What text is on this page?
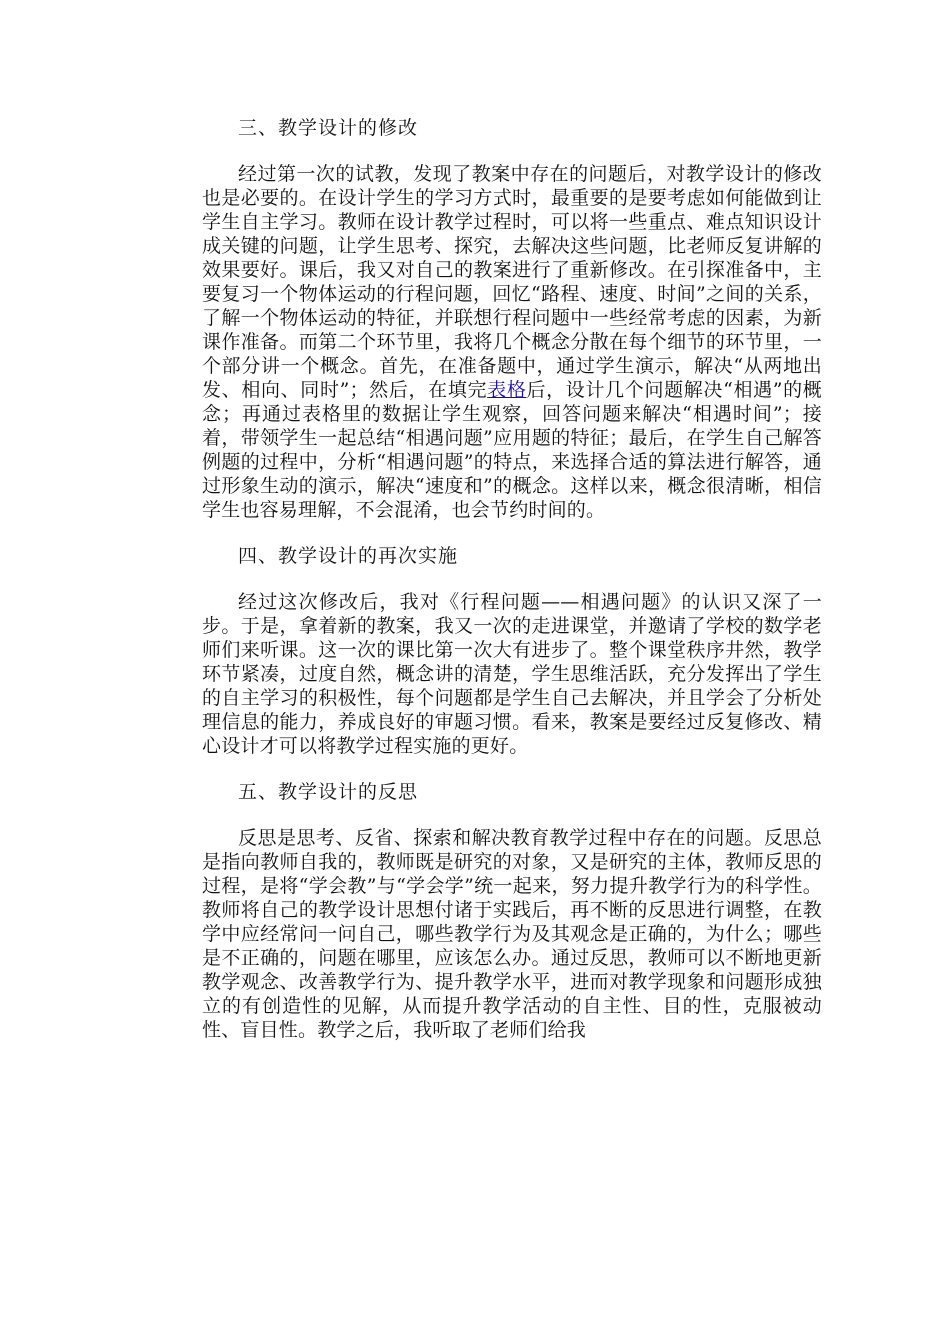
三、教学设计的修改

经过第一次的试教，发现了教案中存在的问题后，对教学设计的修改也是必要的。在设计学生的学习方式时，最重要的是要考虑如何能做到让学生自主学习。教师在设计教学过程时，可以将一些重点、难点知识设计成关键的问题，让学生思考、探究，去解决这些问题，比老师反复讲解的效果要好。课后，我又对自己的教案进行了重新修改。在引探准备中，主要复习一个物体运动的行程问题，回忆“路程、速度、时间”之间的关系，了解一个物体运动的特征，并联想行程问题中一些经常考虑的因素，为新课作准备。而第二个环节里，我将几个概念分散在每个细节的环节里，一个部分讲一个概念。首先，在准备题中，通过学生演示，解决“从两地出发、相向、同时”；然后，在填完表格后，设计几个问题解决“相遇”的概念；再通过表格里的数据让学生观察，回答问题来解决“相遇时间”；接着，带领学生一起总结“相遇问题”应用题的特征；最后，在学生自己解答例题的过程中，分析“相遇问题”的特点，来选择合适的算法进行解答，通过形象生动的演示，解决“速度和”的概念。这样以来，概念很清晰，相信学生也容易理解，不会混淆，也会节约时间的。

四、教学设计的再次实施

经过这次修改后，我对《行程问题——相遇问题》的认识又深了一步。于是，拿着新的教案，我又一次的走进课堂，并邀请了学校的数学老师们来听课。这一次的课比第一次大有进步了。整个课堂秩序井然，教学环节紧凑，过度自然，概念讲的清楚，学生思维活跃，充分发挥出了学生的自主学习的积极性，每个问题都是学生自己去解决，并且学会了分析处理信息的能力，养成良好的审题习惯。看来，教案是要经过反复修改、精心设计才可以将教学过程实施的更好。

五、教学设计的反思

反思是思考、反省、探索和解决教育教学过程中存在的问题。反思总是指向教师自我的，教师既是研究的对象，又是研究的主体，教师反思的过程，是将“学会教”与“学会学”统一起来，努力提升教学行为的科学性。教师将自己的教学设计思想付诸于实践后，再不断的反思进行调整，在教学中应经常问一问自己，哪些教学行为及其观念是正确的，为什么；哪些是不正确的，问题在哪里，应该怎么办。通过反思，教师可以不断地更新教学观念、改善教学行为、提升教学水平，进而对教学现象和问题形成独立的有创造性的见解，从而提升教学活动的自主性、目的性，克服被动性、盲目性。教学之后，我听取了老师们给我
